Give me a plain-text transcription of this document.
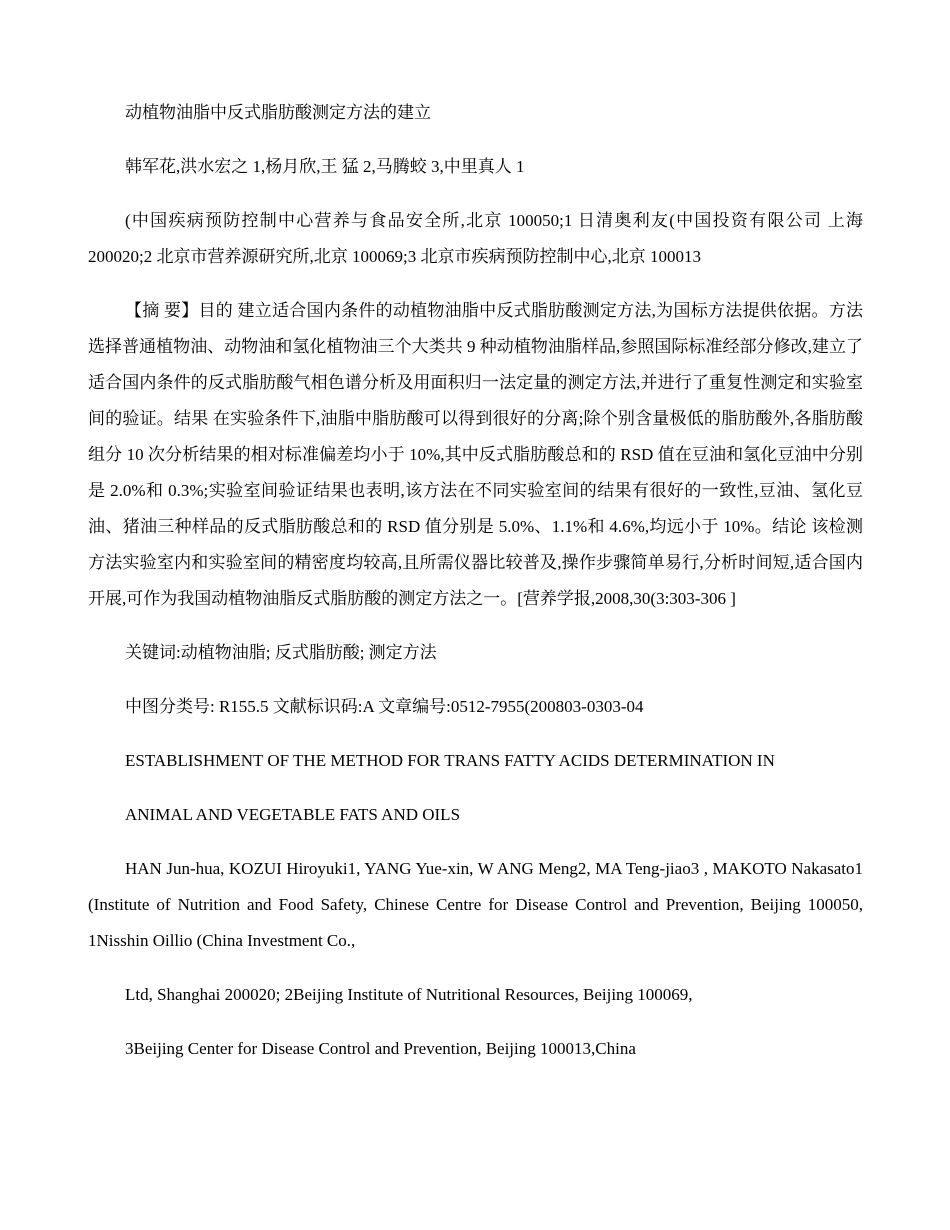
动植物油脂中反式脂肪酸测定方法的建立

韩军花,洪水宏之 1,杨月欣,王 猛 2,马腾蛟 3,中里真人 1

(中国疾病预防控制中心营养与食品安全所,北京 100050;1 日清奥利友(中国投资有限公司 上海 200020;2 北京市营养源研究所,北京 100069;3 北京市疾病预防控制中心,北京 100013

【摘 要】目的 建立适合国内条件的动植物油脂中反式脂肪酸测定方法,为国标方法提供依据。方法 选择普通植物油、动物油和氢化植物油三个大类共 9 种动植物油脂样品,参照国际标准经部分修改,建立了适合国内条件的反式脂肪酸气相色谱分析及用面积归一法定量的测定方法,并进行了重复性测定和实验室间的验证。结果 在实验条件下,油脂中脂肪酸可以得到很好的分离;除个别含量极低的脂肪酸外,各脂肪酸组分 10 次分析结果的相对标准偏差均小于 10%,其中反式脂肪酸总和的 RSD 值在豆油和氢化豆油中分别是 2.0%和 0.3%;实验室间验证结果也表明,该方法在不同实验室间的结果有很好的一致性,豆油、氢化豆油、猪油三种样品的反式脂肪酸总和的 RSD 值分别是 5.0%、1.1%和 4.6%,均远小于 10%。结论 该检测方法实验室内和实验室间的精密度均较高,且所需仪器比较普及,操作步骤简单易行,分析时间短,适合国内开展,可作为我国动植物油脂反式脂肪酸的测定方法之一。[营养学报,2008,30(3:303-306 ]

关键词:动植物油脂; 反式脂肪酸; 测定方法

中图分类号: R155.5 文献标识码:A 文章编号:0512-7955(200803-0303-04

ESTABLISHMENT OF THE METHOD FOR TRANS FATTY ACIDS DETERMINATION IN

ANIMAL AND VEGETABLE FATS AND OILS

HAN Jun-hua, KOZUI Hiroyuki1, YANG Yue-xin, W ANG Meng2, MA Teng-jiao3 , MAKOTO Nakasato1 (Institute of Nutrition and Food Safety, Chinese Centre for Disease Control and Prevention, Beijing 100050, 1Nisshin Oillio (China Investment Co.,

Ltd, Shanghai 200020; 2Beijing Institute of Nutritional Resources, Beijing 100069,

3Beijing Center for Disease Control and Prevention, Beijing 100013,China
